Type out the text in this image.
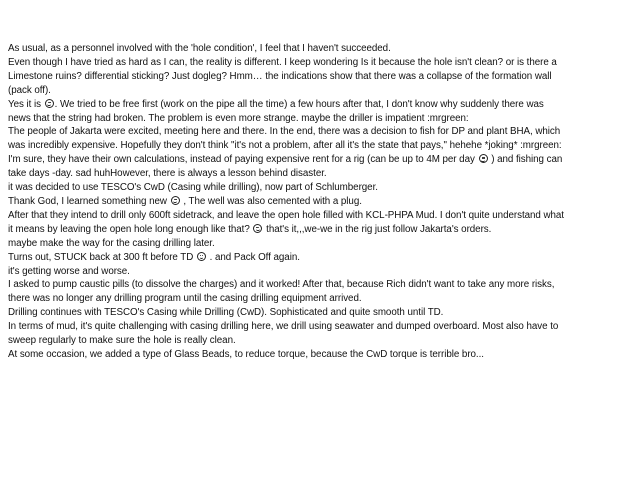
As usual, as a personnel involved with the 'hole condition', I feel that I haven't succeeded.
Even though I have tried as hard as I can, the reality is different. I keep wondering Is it because the hole isn't clean? or is there a
Limestone ruins? differential sticking? Just dogleg? Hmm… the indications show that there was a collapse of the formation wall
(pack off).
Yes it is . We tried to be free first (work on the pipe all the time) a few hours after that, I don't know why suddenly there was
news that the string had broken. The problem is even more strange. maybe the driller is impatient :mrgreen:
The people of Jakarta were excited, meeting here and there. In the end, there was a decision to fish for DP and plant BHA, which
was incredibly expensive. Hopefully they don't think "it's not a problem, after all it's the state that pays," hehehe *joking* :mrgreen:
I'm sure, they have their own calculations, instead of paying expensive rent for a rig (can be up to 4M per day ) and fishing can
take days -day. sad huhHowever, there is always a lesson behind disaster.
it was decided to use TESCO's CwD (Casing while drilling), now part of Schlumberger.
Thank God, I learned something new , The well was also cemented with a plug.
After that they intend to drill only 600ft sidetrack, and leave the open hole filled with KCL-PHPA Mud. I don't quite understand what
it means by leaving the open hole long enough like that? that's it,,,we-we in the rig just follow Jakarta's orders.
maybe make the way for the casing drilling later.
Turns out, STUCK back at 300 ft before TD . and Pack Off again.
it's getting worse and worse.
I asked to pump caustic pills (to dissolve the charges) and it worked! After that, because Rich didn't want to take any more risks,
there was no longer any drilling program until the casing drilling equipment arrived.
Drilling continues with TESCO's Casing while Drilling (CwD). Sophisticated and quite smooth until TD.
In terms of mud, it's quite challenging with casing drilling here, we drill using seawater and dumped overboard. Most also have to
sweep regularly to make sure the hole is really clean.
At some occasion, we added a type of Glass Beads, to reduce torque, because the CwD torque is terrible bro...
